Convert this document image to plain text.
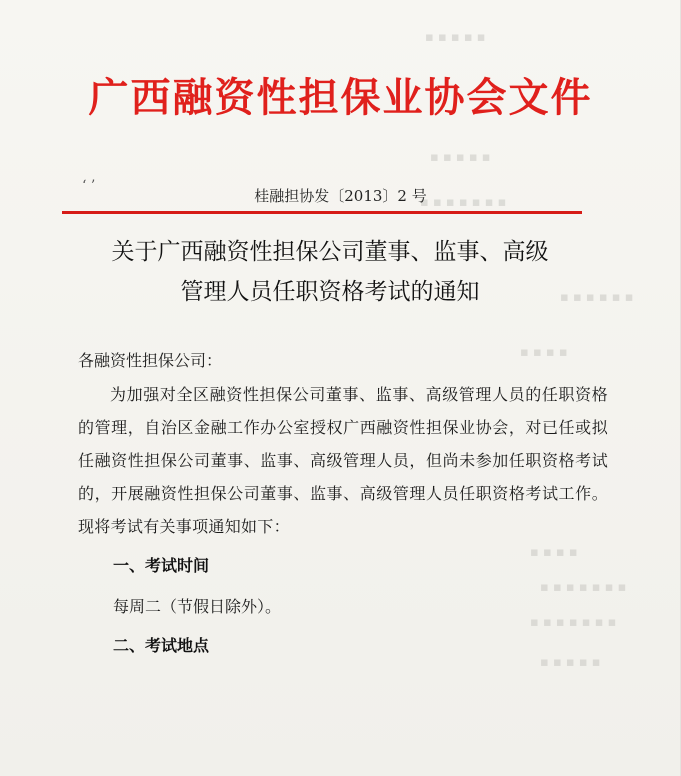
▪ ▪ ▪ ▪ ▪
▪ ▪ ▪ ▪ ▪
▪ ▪ ▪ ▪ ▪ ▪ ▪
▪ ▪ ▪ ▪ ▪ ▪
▪ ▪ ▪ ▪
▪ ▪ ▪ ▪
▪ ▪ ▪ ▪ ▪ ▪ ▪
▪ ▪ ▪ ▪ ▪ ▪ ▪
▪ ▪ ▪ ▪ ▪
广西融资性担保业协会文件
‘ ’
桂融担协发〔2013〕2 号
关于广西融资性担保公司董事、监事、高级
管理人员任职资格考试的通知
各融资性担保公司：
为加强对全区融资性担保公司董事、监事、高级管理人员的任职资格的管理，自治区金融工作办公室授权广西融资性担保业协会，对已任或拟任融资性担保公司董事、监事、高级管理人员，但尚未参加任职资格考试的，开展融资性担保公司董事、监事、高级管理人员任职资格考试工作。现将考试有关事项通知如下：
一、考试时间
每周二（节假日除外）。
二、考试地点
